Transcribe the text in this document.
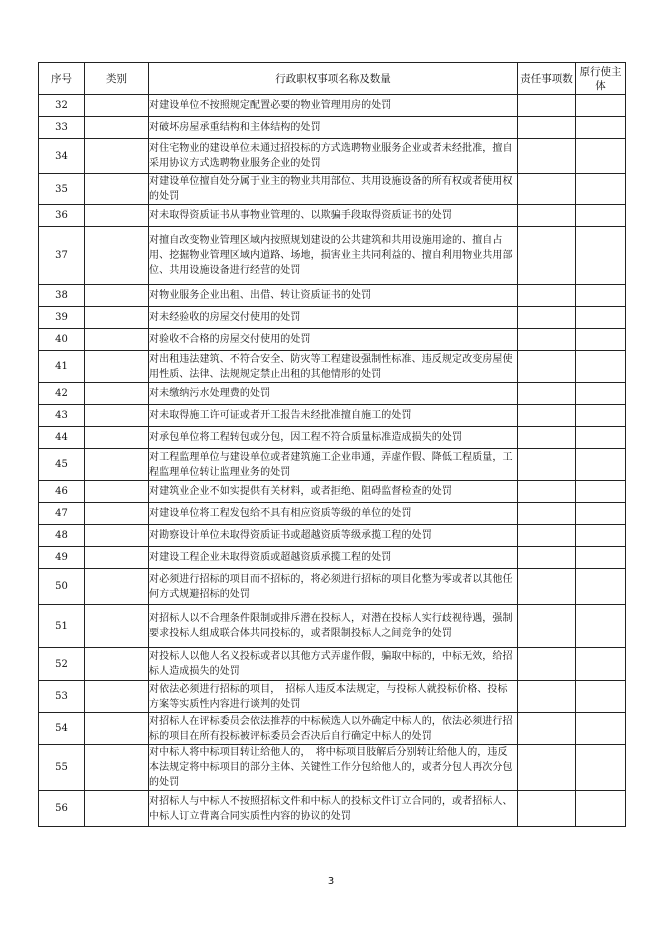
序号	类别	行政职权事项名称及数量	责任事项数	原行使主体
32		对建设单位不按照规定配置必要的物业管理用房的处罚		
33		对破坏房屋承重结构和主体结构的处罚		
34		对住宅物业的建设单位未通过招投标的方式选聘物业服务企业或者未经批准，擅自采用协议方式选聘物业服务企业的处罚		
35		对建设单位擅自处分属于业主的物业共用部位、共用设施设备的所有权或者使用权的处罚		
36		对未取得资质证书从事物业管理的、以欺骗手段取得资质证书的处罚		
37		对擅自改变物业管理区域内按照规划建设的公共建筑和共用设施用途的、擅自占用、挖掘物业管理区域内道路、场地，损害业主共同利益的、擅自利用物业共用部位、共用设施设备进行经营的处罚		
38		对物业服务企业出租、出借、转让资质证书的处罚		
39		对未经验收的房屋交付使用的处罚		
40		对验收不合格的房屋交付使用的处罚		
41		对出租违法建筑、不符合安全、防灾等工程建设强制性标准、违反规定改变房屋使用性质、法律、法规规定禁止出租的其他情形的处罚		
42		对未缴纳污水处理费的处罚		
43		对未取得施工许可证或者开工报告未经批准擅自施工的处罚		
44		对承包单位将工程转包或分包，因工程不符合质量标准造成损失的处罚		
45		对工程监理单位与建设单位或者建筑施工企业串通，弄虚作假、降低工程质量，工程监理单位转让监理业务的处罚		
46		对建筑业企业不如实提供有关材料，或者拒绝、阻碍监督检查的处罚		
47		对建设单位将工程发包给不具有相应资质等级的单位的处罚		
48		对勘察设计单位未取得资质证书或超越资质等级承揽工程的处罚		
49		对建设工程企业未取得资质或超越资质承揽工程的处罚		
50		对必须进行招标的项目而不招标的，将必须进行招标的项目化整为零或者以其他任何方式规避招标的处罚		
51		对招标人以不合理条件限制或排斥潜在投标人，对潜在投标人实行歧视待遇，强制要求投标人组成联合体共同投标的，或者限制投标人之间竞争的处罚		
52		对投标人以他人名义投标或者以其他方式弄虚作假，骗取中标的，中标无效，给招标人造成损失的处罚		
53		对依法必须进行招标的项目，　招标人违反本法规定，与投标人就投标价格、投标方案等实质性内容进行谈判的处罚		
54		对招标人在评标委员会依法推荐的中标候选人以外确定中标人的，依法必须进行招标的项目在所有投标被评标委员会否决后自行确定中标人的处罚		
55		对中标人将中标项目转让给他人的，　将中标项目肢解后分别转让给他人的，违反本法规定将中标项目的部分主体、关键性工作分包给他人的，或者分包人再次分包的处罚		
56		对招标人与中标人不按照招标文件和中标人的投标文件订立合同的，或者招标人、中标人订立背离合同实质性内容的协议的处罚		
3
